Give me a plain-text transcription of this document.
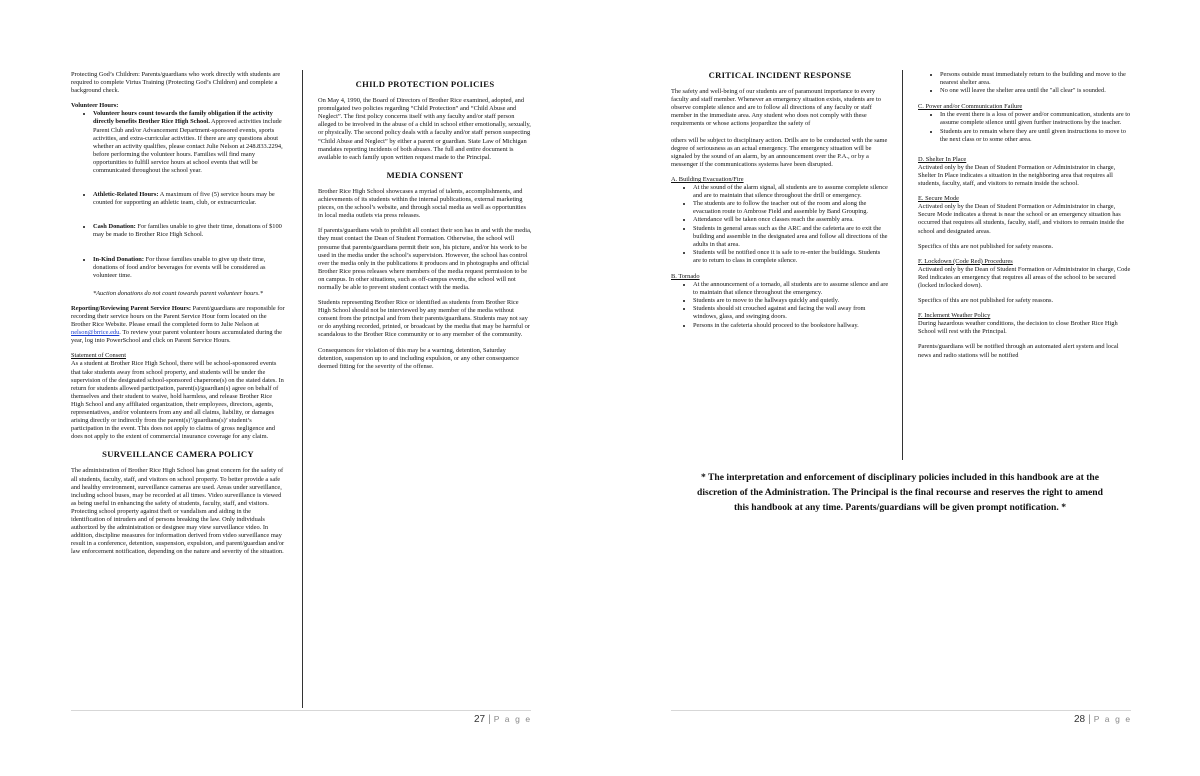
Protecting God’s Children: Parents/guardians who work directly with students are required to complete Virtus Training (Protecting God’s Children) and complete a background check.

Volunteer Hours:
• Volunteer hours count towards the family obligation if the activity directly benefits Brother Rice High School. Approved activities include Parent Club and/or Advancement Department-sponsored events, sports activities, and extra-curricular activities. If there are any questions about whether an activity qualifies, please contact Julie Nelson at 248.833.2294, before performing the volunteer hours. Families will find many opportunities to fulfill service hours at school events that will be communicated throughout the school year.
• Athletic-Related Hours: A maximum of five (5) service hours may be counted for supporting an athletic team, club, or extracurricular.
• Cash Donation: For families unable to give their time, donations of $100 may be made to Brother Rice High School.
• In-Kind Donation: For those families unable to give up their time, donations of food and/or beverages for events will be considered as volunteer time.

*Auction donations do not count towards parent volunteer hours.*

Reporting/Reviewing Parent Service Hours: Parent/guardians are responsible for recording their service hours on the Parent Service Hour form located on the Brother Rice Website. Please email the completed form to Julie Nelson at nelson@brrice.edu. To review your parent volunteer hours accumulated during the year, log into PowerSchool and click on Parent Service Hours.

Statement of Consent

As a student at Brother Rice High School, there will be school-sponsored events that take students away from school property, and students will be under the supervision of the designated school-sponsored chaperone(s) on the stated dates. In return for students allowed participation, parent(s)/guardian(s) agree on behalf of themselves and their student to waive, hold harmless, and release Brother Rice High School and any affiliated organization, their employees, directors, agents, representatives, and/or volunteers from any and all claims, liability, or damages arising directly or indirectly from the parent(s)’/guardians(s)’ student’s participation in the event. This does not apply to claims of gross negligence and does not apply to the extent of commercial insurance coverage for any claim.

SURVEILLANCE CAMERA POLICY

The administration of Brother Rice High School has great concern for the safety of all students, faculty, staff, and visitors on school property. To better provide a safe and healthy environment, surveillance cameras are used. Areas under surveillance, including school buses, may be recorded at all times. Video surveillance is viewed as being useful in enhancing the safety of students, faculty, staff, and visitors. Protecting school property against theft or vandalism and aiding in the identification of intruders and of persons breaking the law. Only individuals authorized by the administration or designee may view surveillance video. In addition, discipline measures for information derived from video surveillance may result in a conference, detention, suspension, expulsion, and parent/guardian and/or law enforcement notification, depending on the nature and severity of the situation.

CHILD PROTECTION POLICIES

On May 4, 1990, the Board of Directors of Brother Rice examined, adopted, and promulgated two policies regarding “Child Protection” and “Child Abuse and Neglect”. The first policy concerns itself with any faculty and/or staff person alleged to be involved in the abuse of a child in school either emotionally, sexually, or physically. The second policy deals with a faculty and/or staff person suspecting “Child Abuse and Neglect” by either a parent or guardian. State Law of Michigan mandates reporting incidents of both abuses. The full and entire document is available to each family upon written request made to the Principal.

MEDIA CONSENT

Brother Rice High School showcases a myriad of talents, accomplishments, and achievements of its students within the internal publications, external marketing pieces, on the school’s website, and through social media as well as opportunities in local media outlets via press releases.

If parents/guardians wish to prohibit all contact their son has in and with the media, they must contact the Dean of Student Formation. Otherwise, the school will presume that parents/guardians permit their son, his picture, and/or his work to be used in the media under the school’s supervision. However, the school has control over the media only in the publications it produces and in photographs and official Brother Rice press releases where members of the media request permission to be on campus. In other situations, such as off-campus events, the school will not normally be able to prevent student contact with the media.

Students representing Brother Rice or identified as students from Brother Rice High School should not be interviewed by any member of the media without consent from the principal and from their parents/guardians. Students may not say or do anything recorded, printed, or broadcast by the media that may be harmful or scandalous to the Brother Rice community or to any member of the community.

Consequences for violation of this may be a warning, detention, Saturday detention, suspension up to and including expulsion, or any other consequence deemed fitting for the severity of the offense.

27 | P a g e
CRITICAL INCIDENT RESPONSE

The safety and well-being of our students are of paramount importance to every faculty and staff member. Whenever an emergency situation exists, students are to observe complete silence and are to follow all directions of any faculty or staff member in the immediate area. Any student who does not comply with these requirements or whose actions jeopardize the safety of

others will be subject to disciplinary action. Drills are to be conducted with the same degree of seriousness as an actual emergency. The emergency situation will be signaled by the sound of an alarm, by an announcement over the P.A., or by a messenger if the communications systems have been disrupted.

A. Building Evacuation/Fire
• At the sound of the alarm signal, all students are to assume complete silence and are to maintain that silence throughout the drill or emergency.
• The students are to follow the teacher out of the room and along the evacuation route to Ambrose Field and assemble by Band Grouping.
• Attendance will be taken once classes reach the assembly area.
• Students in general areas such as the ARC and the cafeteria are to exit the building and assemble in the designated area and follow all directions of the adults in that area.
• Students will be notified once it is safe to re-enter the buildings. Students are to return to class in complete silence.
B. Tornado
• At the announcement of a tornado, all students are to assume silence and are to maintain that silence throughout the emergency.
• Students are to move to the hallways quickly and quietly.
• Students should sit crouched against and facing the wall away from windows, glass, and swinging doors.
• Persons in the cafeteria should proceed to the bookstore hallway.
• Persons outside must immediately return to the building and move to the nearest shelter area.
• No one will leave the shelter area until the "all clear" is sounded.
C. Power and/or Communication Failure
• In the event there is a loss of power and/or communication, students are to assume complete silence until given further instructions by the teacher.
• Students are to remain where they are until given instructions to move to the next class or to some other area.
D. Shelter In Place

Activated only by the Dean of Student Formation or Administrator in charge, Shelter In Place indicates a situation in the neighboring area that requires all students, faculty, staff, and visitors to remain inside the school.

E. Secure Mode

Activated only by the Dean of Student Formation or Administrator in charge, Secure Mode indicates a threat is near the school or an emergency situation has occurred that requires all students, faculty, staff, and visitors to remain inside the school and designated areas.

Specifics of this are not published for safety reasons.

F. Lockdown (Code Red) Procedures

Activated only by the Dean of Student Formation or Administrator in charge, Code Red indicates an emergency that requires all areas of the school to be secured (locked in/locked down).

Specifics of this are not published for safety reasons.

F. Inclement Weather Policy

During hazardous weather conditions, the decision to close Brother Rice High School will rest with the Principal.

Parents/guardians will be notified through an automated alert system and local news and radio stations will be notified

28 | P a g e
* The interpretation and enforcement of disciplinary policies included in this handbook are at the discretion of the Administration. The Principal is the final recourse and reserves the right to amend this handbook at any time. Parents/guardians will be given prompt notification. *
